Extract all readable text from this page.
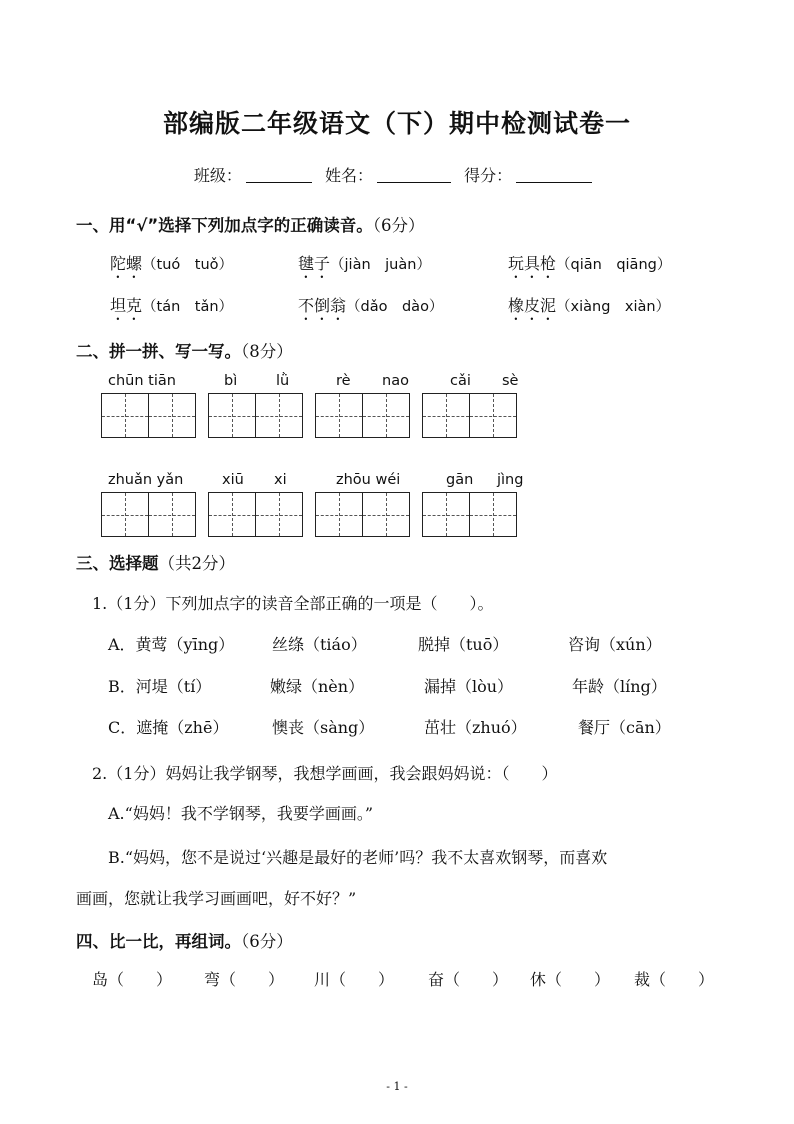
部编版二年级语文（下）期中检测试卷一
班级：	姓名：	得分：
一、用“√”选择下列加点字的正确读音。（6分）
陀螺（tuó　tuǒ）	毽子（jiàn　juàn）	玩具枪（qiān　qiāng）
坦克（tán　tǎn）	不倒翁（dǎo　dào）	橡皮泥（xiàng　xiàn）
二、拼一拼、写一写。（8分）
chūn tiān	bì	lǜ	rè nao	cǎi sè
zhuǎn yǎn	xiū xi	zhōu wéi	gān jìng
三、选择题（共2分）
1.（1分）下列加点字的读音全部正确的一项是（　　）。
A．黄莺（yīng） 丝绦（tiáo）	脱掉（tuō）	咨询（xún）
B．河堤（tí）	嫩绿（nèn）	漏掉（lòu）	年龄（líng）
C．遮掩（zhē）	懊丧（sàng）	茁壮（zhuó）	餐厅（cān）
2.（1分）妈妈让我学钢琴，我想学画画，我会跟妈妈说：（　　）
A.“妈妈！我不学钢琴，我要学画画。”
B.“妈妈，您不是说过‘兴趣是最好的老师’吗？我不太喜欢钢琴，而喜欢
画画，您就让我学习画画吧，好不好？”
四、比一比，再组词。（6分）
岛（　　） 弯（　　） 川（　　） 奋（　　） 休（　　） 裁（　　）
- 1 -
